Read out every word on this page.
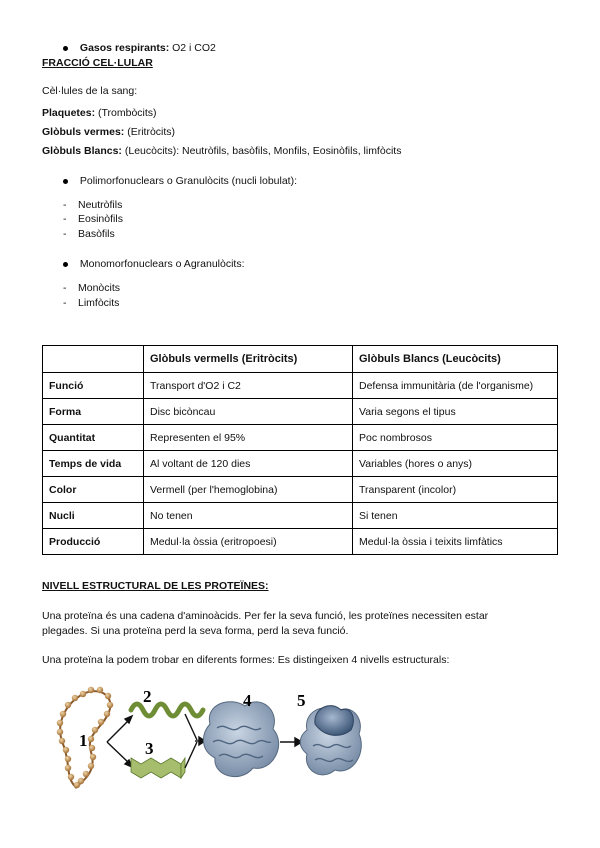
Gasos respirants: O2 i CO2
FRACCIÓ CEL·LULAR
Cèl·lules de la sang:
Plaquetes: (Trombòcits)
Glòbuls vermes: (Eritròcits)
Glòbuls Blancs: (Leucòcits): Neutròfils, basòfils, Monfils, Eosinòfils, limfòcits
Polimorfonuclears o Granulòcits (nucli lobulat):
- Neutròfils
- Eosinòfils
- Basòfils
Monomorfonuclears o Agranulòcits:
- Monòcits
- Limfòcits
	Glòbuls vermells (Eritròcits)	Glòbuls Blancs (Leucòcits)
Funció	Transport d'O2 i C2	Defensa immunitària (de l'organisme)
Forma	Disc bicòncau	Varia segons el tipus
Quantitat	Representen el 95%	Poc nombrosos
Temps de vida	Al voltant de 120 dies	Variables (hores o anys)
Color	Vermell (per l'hemoglobina)	Transparent (incolor)
Nucli	No tenen	Si tenen
Producció	Medul·la òssia (eritropoesi)	Medul·la òssia i teixits limfàtics
NIVELL ESTRUCTURAL DE LES PROTEÏNES:
Una proteïna és una cadena d'aminoàcids. Per fer la seva funció, les proteïnes necessiten estar
plegades. Si una proteïna perd la seva forma, perd la seva funció.
Una proteïna la podem trobar en diferents formes: Es distingeixen 4 nivells estructurals:
1
2
3
4	5
